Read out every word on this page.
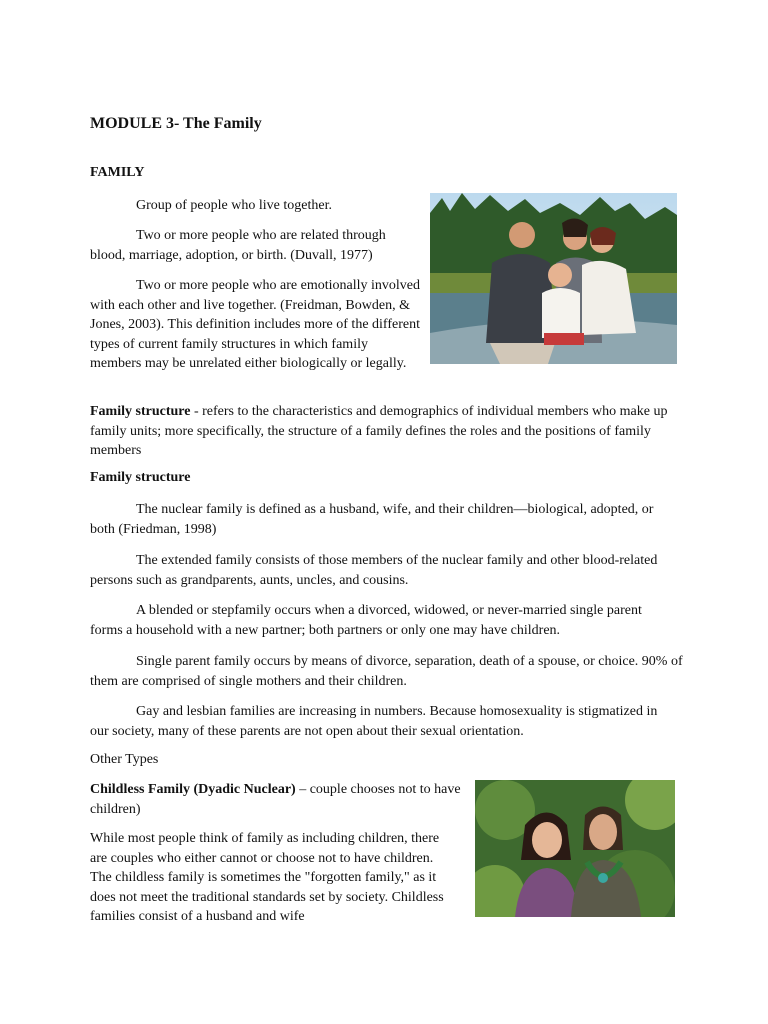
MODULE 3- The Family

FAMILY

Group of people who live together.

Two or more people who are related through blood, marriage, adoption, or birth. (Duvall, 1977)

Two or more people who are emotionally involved with each other and live together. (Freidman, Bowden, & Jones, 2003). This definition includes more of the different types of current family structures in which family members may be unrelated either biologically or legally.

Family structure - refers to the characteristics and demographics of individual members who make up family units; more specifically, the structure of a family defines the roles and the positions of family members

Family structure

The nuclear family is defined as a husband, wife, and their children—biological, adopted, or both (Friedman, 1998)

The extended family consists of those members of the nuclear family and other blood-related persons such as grandparents, aunts, uncles, and cousins.

A blended or stepfamily occurs when a divorced, widowed, or never-married single parent forms a household with a new partner; both partners or only one may have children.

Single parent family occurs by means of divorce, separation, death of a spouse, or choice. 90% of them are comprised of single mothers and their children.

Gay and lesbian families are increasing in numbers. Because homosexuality is stigmatized in our society, many of these parents are not open about their sexual orientation.

Other Types

Childless Family (Dyadic Nuclear) – couple chooses not to have children)

While most people think of family as including children, there are couples who either cannot or choose not to have children. The childless family is sometimes the "forgotten family," as it does not meet the traditional standards set by society. Childless families consist of a husband and wife
